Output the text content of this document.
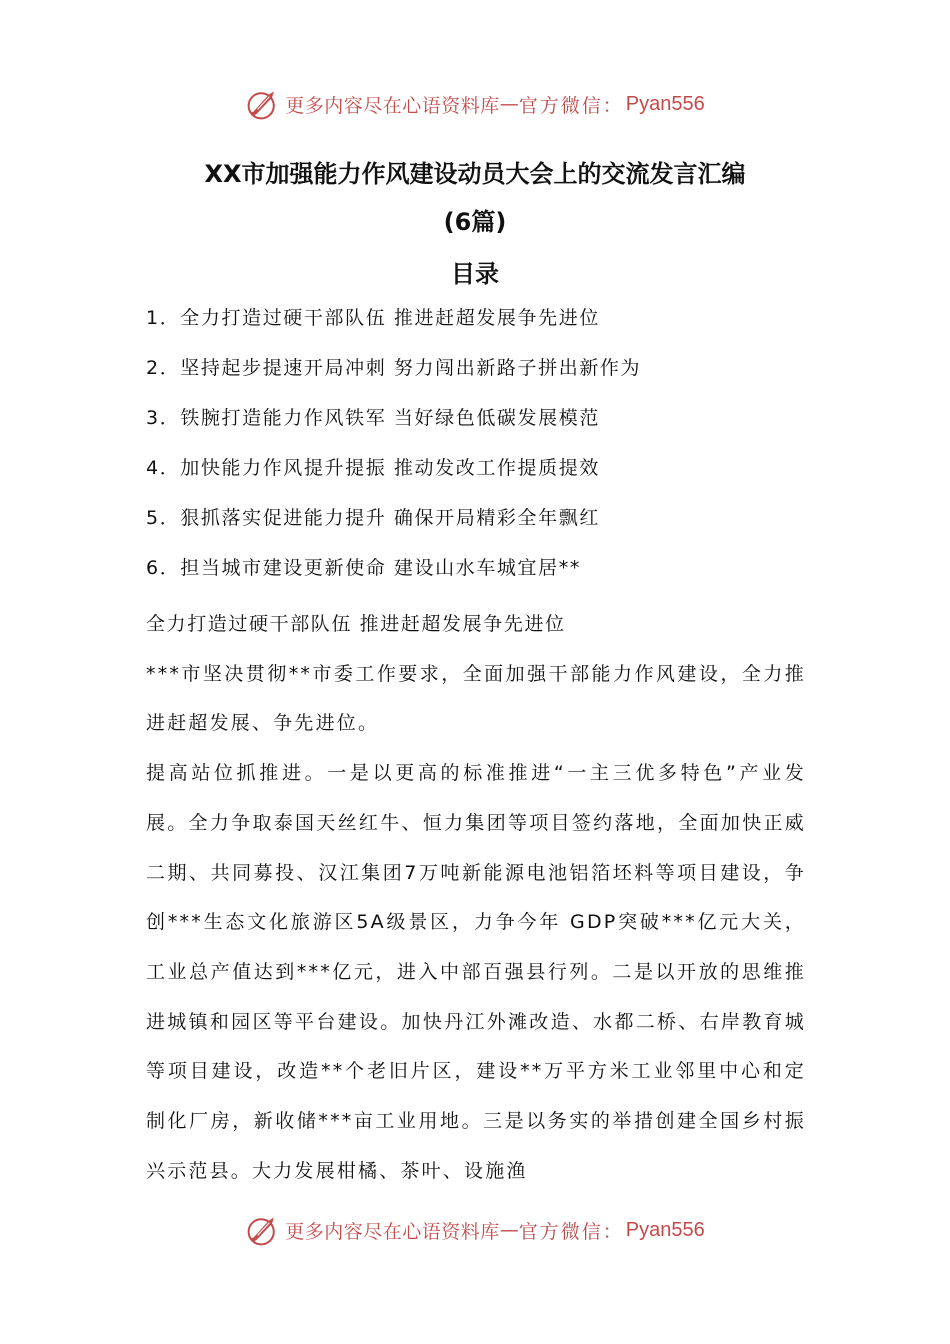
更多内容尽在心语资料库 — 官方微信： Pyan556
XX市加强能力作风建设动员大会上的交流发言汇编
(6篇)
目录
1．全力打造过硬干部队伍 推进赶超发展争先进位
2．坚持起步提速开局冲刺 努力闯出新路子拼出新作为
3．铁腕打造能力作风铁军 当好绿色低碳发展模范
4．加快能力作风提升提振 推动发改工作提质提效
5．狠抓落实促进能力提升 确保开局精彩全年飘红
6．担当城市建设更新使命 建设山水车城宜居**

全力打造过硬干部队伍 推进赶超发展争先进位

***市坚决贯彻**市委工作要求，全面加强干部能力作风建设，全力推进赶超发展、争先进位。

提高站位抓推进。一是以更高的标准推进“一主三优多特色”产业发展。全力争取泰国天丝红牛、恒力集团等项目签约落地，全面加快正威二期、共同募投、汉江集团7万吨新能源电池铝箔坯料等项目建设，争创***生态文化旅游区5A级景区，力争今年 GDP突破***亿元大关，工业总产值达到***亿元，进入中部百强县行列。二是以开放的思维推进城镇和园区等平台建设。加快丹江外滩改造、水都二桥、右岸教育城等项目建设，改造**个老旧片区，建设**万平方米工业邻里中心和定制化厂房，新收储***亩工业用地。三是以务实的举措创建全国乡村振兴示范县。大力发展柑橘、茶叶、设施渔

更多内容尽在心语资料库 — 官方微信： Pyan556
